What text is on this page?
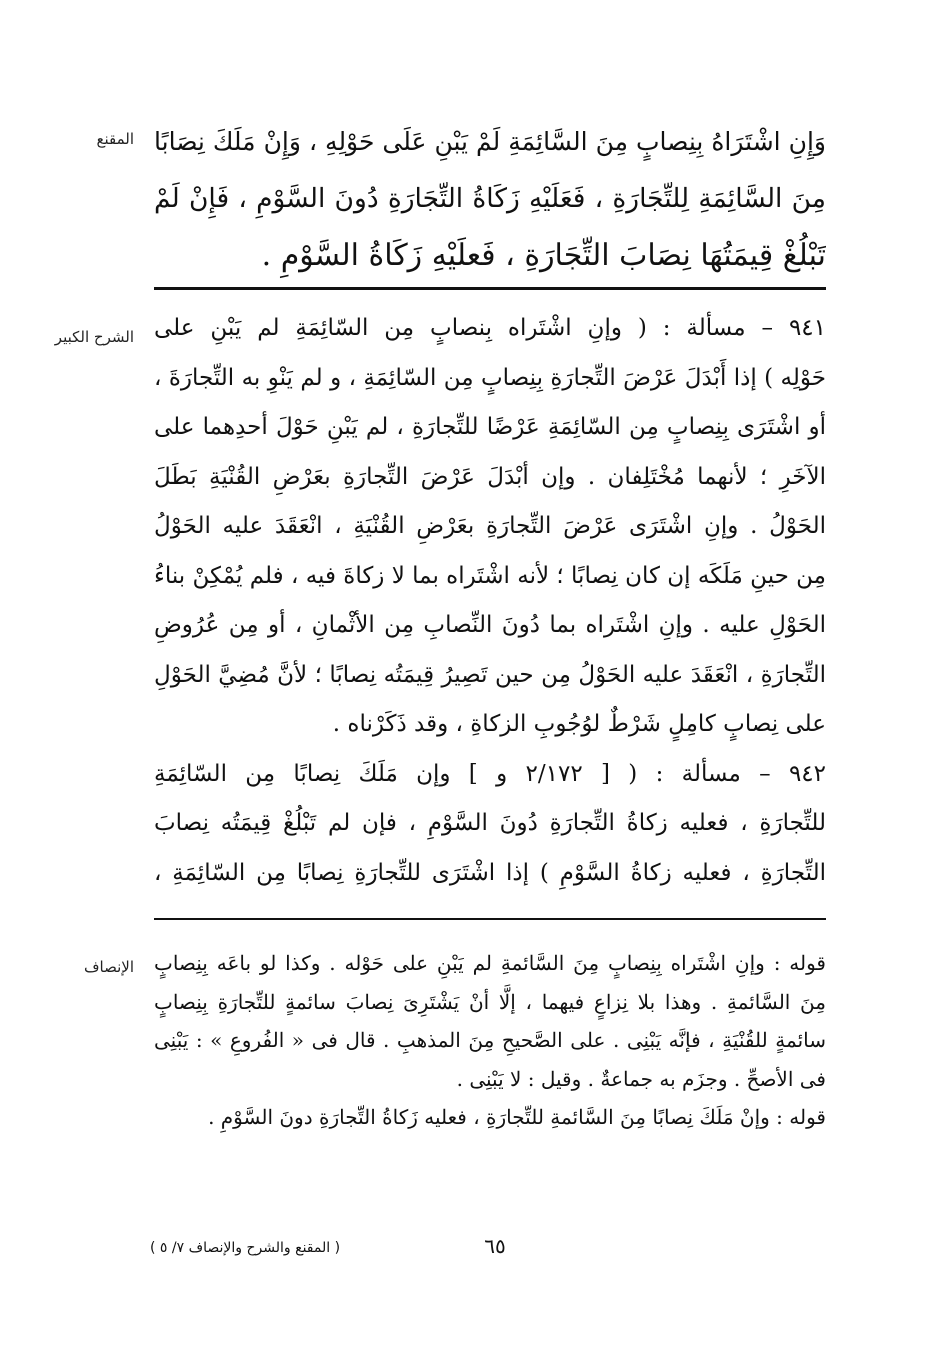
المقنع
الشرح الكبير
الإنصاف
وَإِنِ اشْتَرَاهُ بِنِصابٍ مِنَ السَّائِمَةِ لَمْ يَبْنِ عَلَى حَوْلِهِ ، وَإِنْ مَلَكَ نِصَابًا
مِنَ السَّائِمَةِ لِلتِّجَارَةِ ، فَعَلَيْهِ زَكَاةُ التِّجَارَةِ دُونَ السَّوْمِ ، فَإِنْ لَمْ
تَبْلُغْ قِيمَتُهَا نِصَابَ التِّجَارَةِ ، فَعلَيْهِ زَكَاةُ السَّوْمِ .
٩٤١ – مسألة : ( وإنِ اشْتَراه بِنصابٍ مِن السّائِمَةِ لم يَبْنِ على
حَوْلِه ) إذا أَبْدَلَ عَرْضَ التِّجارَةِ بِنِصابٍ مِن السّائِمَةِ ، و لم يَنْوِ به التِّجارَةَ ،
أو اشْتَرَى بِنِصابٍ مِن السّائِمَةِ عَرْضًا للتِّجارَةِ ، لم يَبْنِ حَوْلَ أحدِهما على
الآخَرِ ؛ لأنهما مُخْتَلِفان . وإن أبْدَلَ عَرْضَ التِّجارَةِ بعَرْضِ القُنْيَةِ بَطَلَ
الحَوْلُ . وإنِ اشْتَرَى عَرْضَ التِّجارَةِ بعَرْضِ القُنْيَةِ ، انْعَقَدَ عليه الحَوْلُ
مِن حينِ مَلَكَه إن كان نِصابًا ؛ لأنه اشْتَراه بما لا زكاةَ فيه ، فلم يُمْكِنْ بناءُ
الحَوْلِ عليه . وإنِ اشْتَراه بما دُونَ النِّصابِ مِن الأثْمانِ ، أو مِن عُرُوضِ
التِّجارَةِ ، انْعَقَدَ عليه الحَوْلُ مِن حين تَصِيرُ قِيمَتُه نِصابًا ؛ لأنَّ مُضِيَّ الحَوْلِ
على نِصابٍ كامِلٍ شَرْطٌ لوُجُوبِ الزكاةِ ، وقد ذَكَرْناه .
٩٤٢ – مسألة : ( [ ٢/١٧٢ و ] وإن مَلَكَ نِصابًا مِن السّائِمَةِ
للتِّجارَةِ ، فعليه زكاةُ التِّجارَةِ دُونَ السَّوْمِ ، فإن لم تَبْلُغْ قِيمَتُه نِصابَ
التِّجارَةِ ، فعليه زكاةُ السَّوْمِ ) إذا اشْتَرَى للتِّجارَةِ نِصابًا مِن السّائِمَةِ ،
قوله : وإنِ اشْتَراه بِنِصابٍ مِنَ السَّائمةِ لم يَبْنِ على حَوْله . وكذا لو باعَه بِنِصابٍ
مِنَ السَّائمةِ . وهذا بلا نِزاعٍ فيهما ، إلَّا أنْ يَشْتَرِىَ نِصابَ سائمةٍ للتِّجارَةِ بِنِصابٍ
سائمةٍ للقُنْيَةِ ، فإنَّه يَبْنِى . على الصَّحيحِ مِنَ المذهبِ . قال فى « الفُروعِ » : يَبْنِى
فى الأصحِّ . وجزَم به جماعةٌ . وقيل : لا يَبْنِى .
قوله : وإنْ مَلَكَ نِصابًا مِنَ السَّائمةِ للتِّجارَةِ ، فعليه زَكاةُ التِّجارَةِ دونَ السَّوْمِ .
٦٥
( المقنع والشرح والإنصاف ٧/ ٥ )
